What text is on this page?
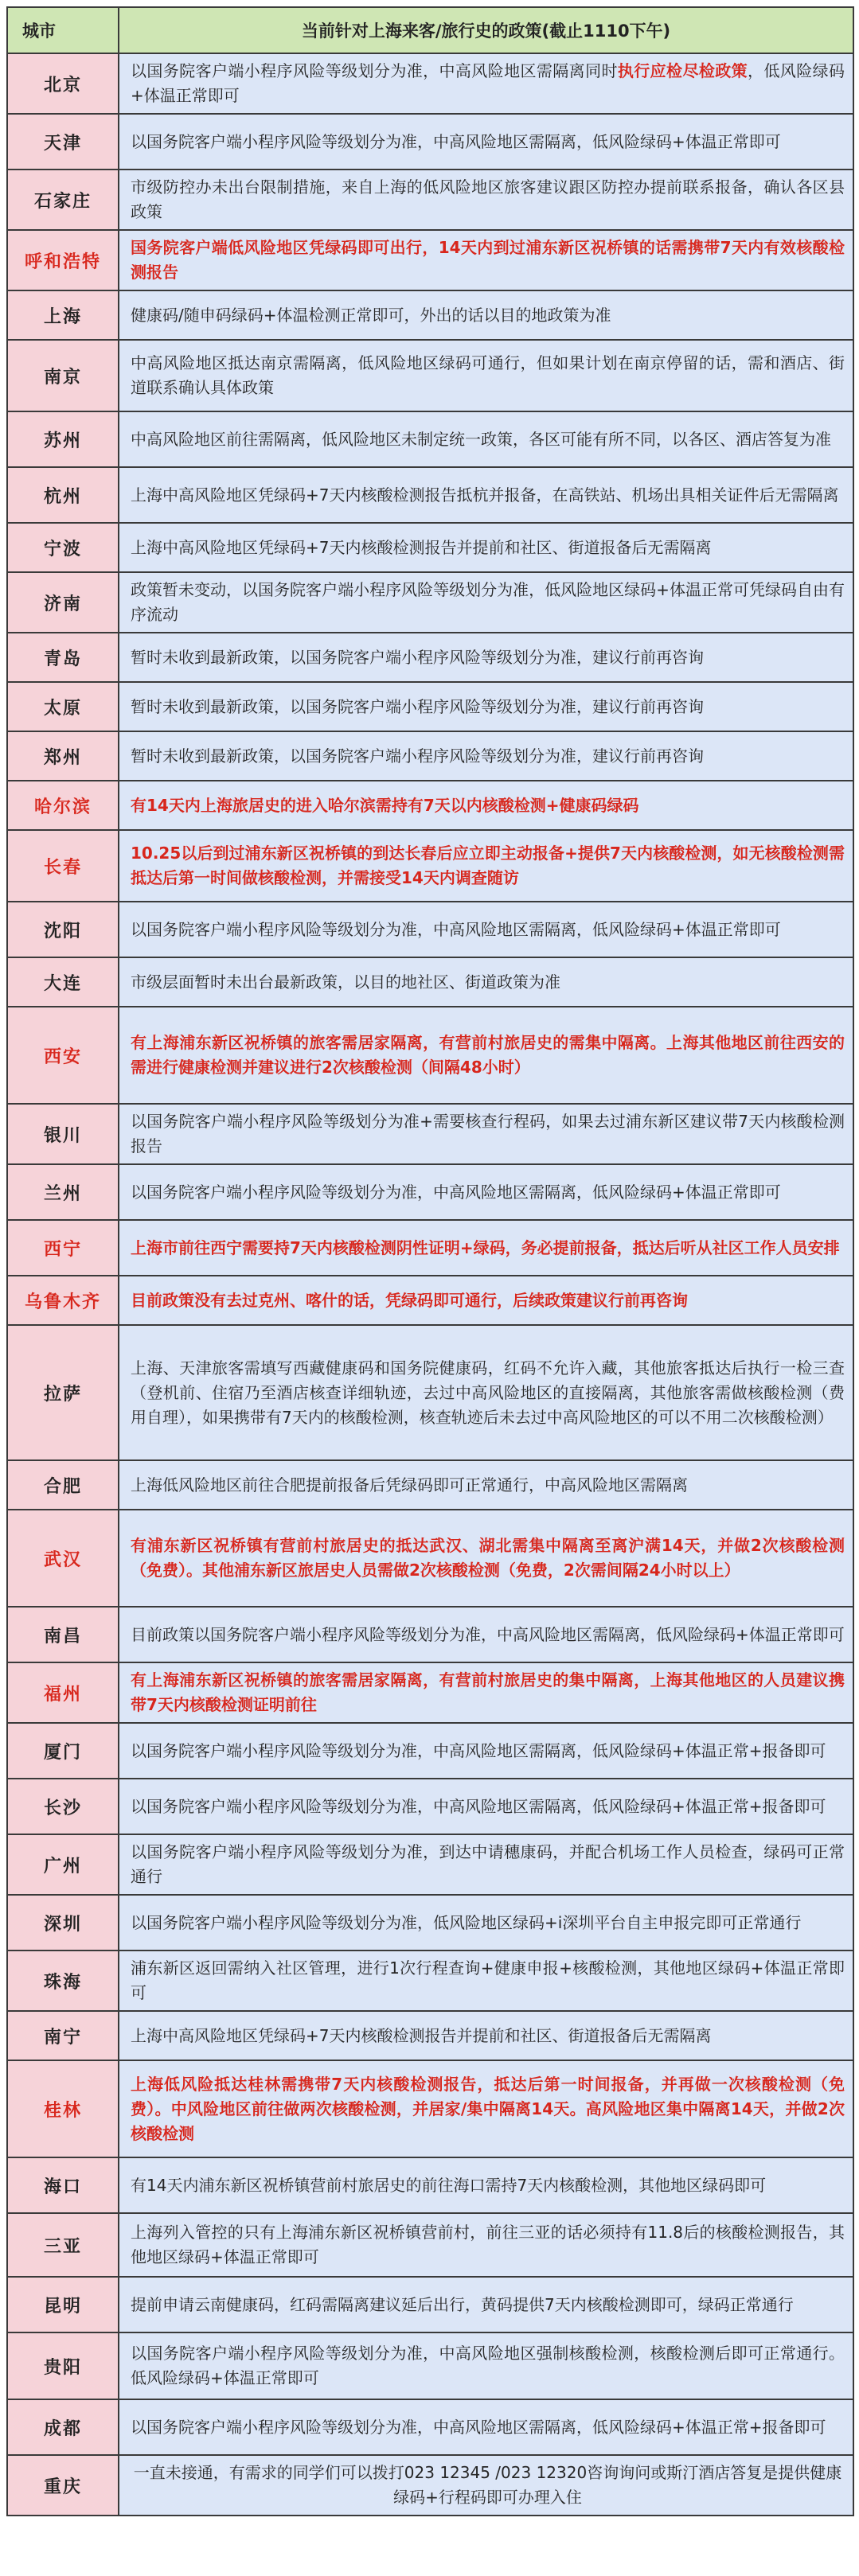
城市	当前针对上海来客/旅行史的政策(截止1110下午)
北京	以国务院客户端小程序风险等级划分为准，中高风险地区需隔离同时执行应检尽检政策，低风险绿码+体温正常即可
天津	以国务院客户端小程序风险等级划分为准，中高风险地区需隔离，低风险绿码+体温正常即可
石家庄	市级防控办未出台限制措施，来自上海的低风险地区旅客建议跟区防控办提前联系报备，确认各区县政策
呼和浩特	国务院客户端低风险地区凭绿码即可出行，14天内到过浦东新区祝桥镇的话需携带7天内有效核酸检测报告
上海	健康码/随申码绿码+体温检测正常即可，外出的话以目的地政策为准
南京	中高风险地区抵达南京需隔离，低风险地区绿码可通行，但如果计划在南京停留的话，需和酒店、街道联系确认具体政策
苏州	中高风险地区前往需隔离，低风险地区未制定统一政策，各区可能有所不同，以各区、酒店答复为准
杭州	上海中高风险地区凭绿码+7天内核酸检测报告抵杭并报备，在高铁站、机场出具相关证件后无需隔离
宁波	上海中高风险地区凭绿码+7天内核酸检测报告并提前和社区、街道报备后无需隔离
济南	政策暂未变动，以国务院客户端小程序风险等级划分为准，低风险地区绿码+体温正常可凭绿码自由有序流动
青岛	暂时未收到最新政策，以国务院客户端小程序风险等级划分为准，建议行前再咨询
太原	暂时未收到最新政策，以国务院客户端小程序风险等级划分为准，建议行前再咨询
郑州	暂时未收到最新政策，以国务院客户端小程序风险等级划分为准，建议行前再咨询
哈尔滨	有14天内上海旅居史的进入哈尔滨需持有7天以内核酸检测+健康码绿码
长春	10.25以后到过浦东新区祝桥镇的到达长春后应立即主动报备+提供7天内核酸检测，如无核酸检测需抵达后第一时间做核酸检测，并需接受14天内调查随访
沈阳	以国务院客户端小程序风险等级划分为准，中高风险地区需隔离，低风险绿码+体温正常即可
大连	市级层面暂时未出台最新政策，以目的地社区、街道政策为准
西安	有上海浦东新区祝桥镇的旅客需居家隔离，有营前村旅居史的需集中隔离。上海其他地区前往西安的需进行健康检测并建议进行2次核酸检测（间隔48小时）
银川	以国务院客户端小程序风险等级划分为准+需要核查行程码，如果去过浦东新区建议带7天内核酸检测报告
兰州	以国务院客户端小程序风险等级划分为准，中高风险地区需隔离，低风险绿码+体温正常即可
西宁	上海市前往西宁需要持7天内核酸检测阴性证明+绿码，务必提前报备，抵达后听从社区工作人员安排
乌鲁木齐	目前政策没有去过克州、喀什的话，凭绿码即可通行，后续政策建议行前再咨询
拉萨	上海、天津旅客需填写西藏健康码和国务院健康码，红码不允许入藏，其他旅客抵达后执行一检三查（登机前、住宿乃至酒店核查详细轨迹，去过中高风险地区的直接隔离，其他旅客需做核酸检测（费用自理），如果携带有7天内的核酸检测，核查轨迹后未去过中高风险地区的可以不用二次核酸检测）
合肥	上海低风险地区前往合肥提前报备后凭绿码即可正常通行，中高风险地区需隔离
武汉	有浦东新区祝桥镇有营前村旅居史的抵达武汉、湖北需集中隔离至离沪满14天，并做2次核酸检测（免费）。其他浦东新区旅居史人员需做2次核酸检测（免费，2次需间隔24小时以上）
南昌	目前政策以国务院客户端小程序风险等级划分为准，中高风险地区需隔离，低风险绿码+体温正常即可
福州	有上海浦东新区祝桥镇的旅客需居家隔离，有营前村旅居史的集中隔离，上海其他地区的人员建议携带7天内核酸检测证明前往
厦门	以国务院客户端小程序风险等级划分为准，中高风险地区需隔离，低风险绿码+体温正常+报备即可
长沙	以国务院客户端小程序风险等级划分为准，中高风险地区需隔离，低风险绿码+体温正常+报备即可
广州	以国务院客户端小程序风险等级划分为准，到达中请穗康码，并配合机场工作人员检查，绿码可正常通行
深圳	以国务院客户端小程序风险等级划分为准，低风险地区绿码+i深圳平台自主申报完即可正常通行
珠海	浦东新区返回需纳入社区管理，进行1次行程查询+健康申报+核酸检测，其他地区绿码+体温正常即可
南宁	上海中高风险地区凭绿码+7天内核酸检测报告并提前和社区、街道报备后无需隔离
桂林	上海低风险抵达桂林需携带7天内核酸检测报告，抵达后第一时间报备，并再做一次核酸检测（免费）。中风险地区前往做两次核酸检测，并居家/集中隔离14天。高风险地区集中隔离14天，并做2次核酸检测
海口	有14天内浦东新区祝桥镇营前村旅居史的前往海口需持7天内核酸检测，其他地区绿码即可
三亚	上海列入管控的只有上海浦东新区祝桥镇营前村，前往三亚的话必须持有11.8后的核酸检测报告，其他地区绿码+体温正常即可
昆明	提前申请云南健康码，红码需隔离建议延后出行，黄码提供7天内核酸检测即可，绿码正常通行
贵阳	以国务院客户端小程序风险等级划分为准，中高风险地区强制核酸检测，核酸检测后即可正常通行。低风险绿码+体温正常即可
成都	以国务院客户端小程序风险等级划分为准，中高风险地区需隔离，低风险绿码+体温正常+报备即可
重庆	一直未接通，有需求的同学们可以拨打023 12345 /023 12320咨询询问或斯汀酒店答复是提供健康绿码+行程码即可办理入住
